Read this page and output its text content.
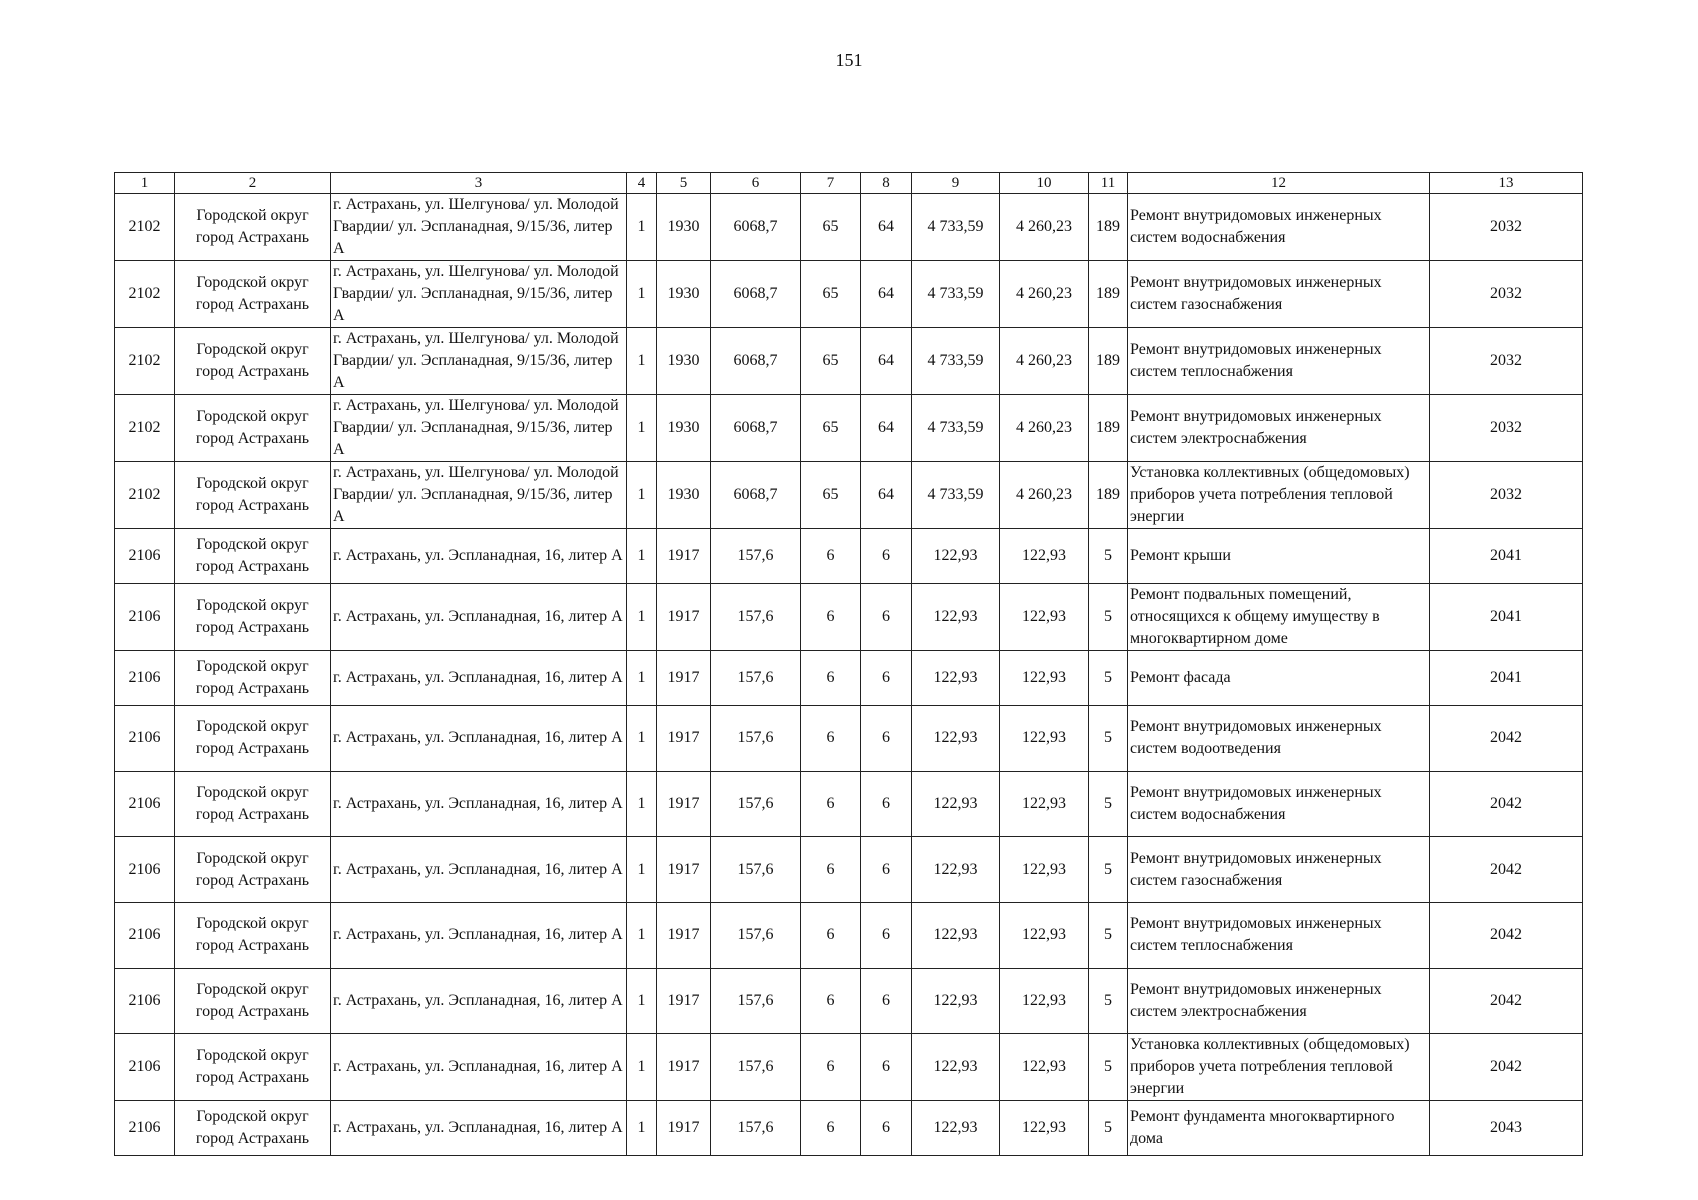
151
1	2	3	4	5	6	7	8	9	10	11	12	13
2102	Городской округ город Астрахань	г. Астрахань, ул. Шелгунова/ ул. Молодой Гвардии/ ул. Эспланадная, 9/15/36, литер А	1	1930	6068,7	65	64	4 733,59	4 260,23	189	Ремонт внутридомовых инженерных систем водоснабжения	2032
2102	Городской округ город Астрахань	г. Астрахань, ул. Шелгунова/ ул. Молодой Гвардии/ ул. Эспланадная, 9/15/36, литер А	1	1930	6068,7	65	64	4 733,59	4 260,23	189	Ремонт внутридомовых инженерных систем газоснабжения	2032
2102	Городской округ город Астрахань	г. Астрахань, ул. Шелгунова/ ул. Молодой Гвардии/ ул. Эспланадная, 9/15/36, литер А	1	1930	6068,7	65	64	4 733,59	4 260,23	189	Ремонт внутридомовых инженерных систем теплоснабжения	2032
2102	Городской округ город Астрахань	г. Астрахань, ул. Шелгунова/ ул. Молодой Гвардии/ ул. Эспланадная, 9/15/36, литер А	1	1930	6068,7	65	64	4 733,59	4 260,23	189	Ремонт внутридомовых инженерных систем электроснабжения	2032
2102	Городской округ город Астрахань	г. Астрахань, ул. Шелгунова/ ул. Молодой Гвардии/ ул. Эспланадная, 9/15/36, литер А	1	1930	6068,7	65	64	4 733,59	4 260,23	189	Установка коллективных (общедомовых) приборов учета потребления тепловой энергии	2032
2106	Городской округ город Астрахань	г. Астрахань, ул. Эспланадная, 16, литер А	1	1917	157,6	6	6	122,93	122,93	5	Ремонт крыши	2041
2106	Городской округ город Астрахань	г. Астрахань, ул. Эспланадная, 16, литер А	1	1917	157,6	6	6	122,93	122,93	5	Ремонт подвальных помещений, относящихся к общему имуществу в многоквартирном доме	2041
2106	Городской округ город Астрахань	г. Астрахань, ул. Эспланадная, 16, литер А	1	1917	157,6	6	6	122,93	122,93	5	Ремонт фасада	2041
2106	Городской округ город Астрахань	г. Астрахань, ул. Эспланадная, 16, литер А	1	1917	157,6	6	6	122,93	122,93	5	Ремонт внутридомовых инженерных систем водоотведения	2042
2106	Городской округ город Астрахань	г. Астрахань, ул. Эспланадная, 16, литер А	1	1917	157,6	6	6	122,93	122,93	5	Ремонт внутридомовых инженерных систем водоснабжения	2042
2106	Городской округ город Астрахань	г. Астрахань, ул. Эспланадная, 16, литер А	1	1917	157,6	6	6	122,93	122,93	5	Ремонт внутридомовых инженерных систем газоснабжения	2042
2106	Городской округ город Астрахань	г. Астрахань, ул. Эспланадная, 16, литер А	1	1917	157,6	6	6	122,93	122,93	5	Ремонт внутридомовых инженерных систем теплоснабжения	2042
2106	Городской округ город Астрахань	г. Астрахань, ул. Эспланадная, 16, литер А	1	1917	157,6	6	6	122,93	122,93	5	Ремонт внутридомовых инженерных систем электроснабжения	2042
2106	Городской округ город Астрахань	г. Астрахань, ул. Эспланадная, 16, литер А	1	1917	157,6	6	6	122,93	122,93	5	Установка коллективных (общедомовых) приборов учета потребления тепловой энергии	2042
2106	Городской округ город Астрахань	г. Астрахань, ул. Эспланадная, 16, литер А	1	1917	157,6	6	6	122,93	122,93	5	Ремонт фундамента многоквартирного дома	2043
